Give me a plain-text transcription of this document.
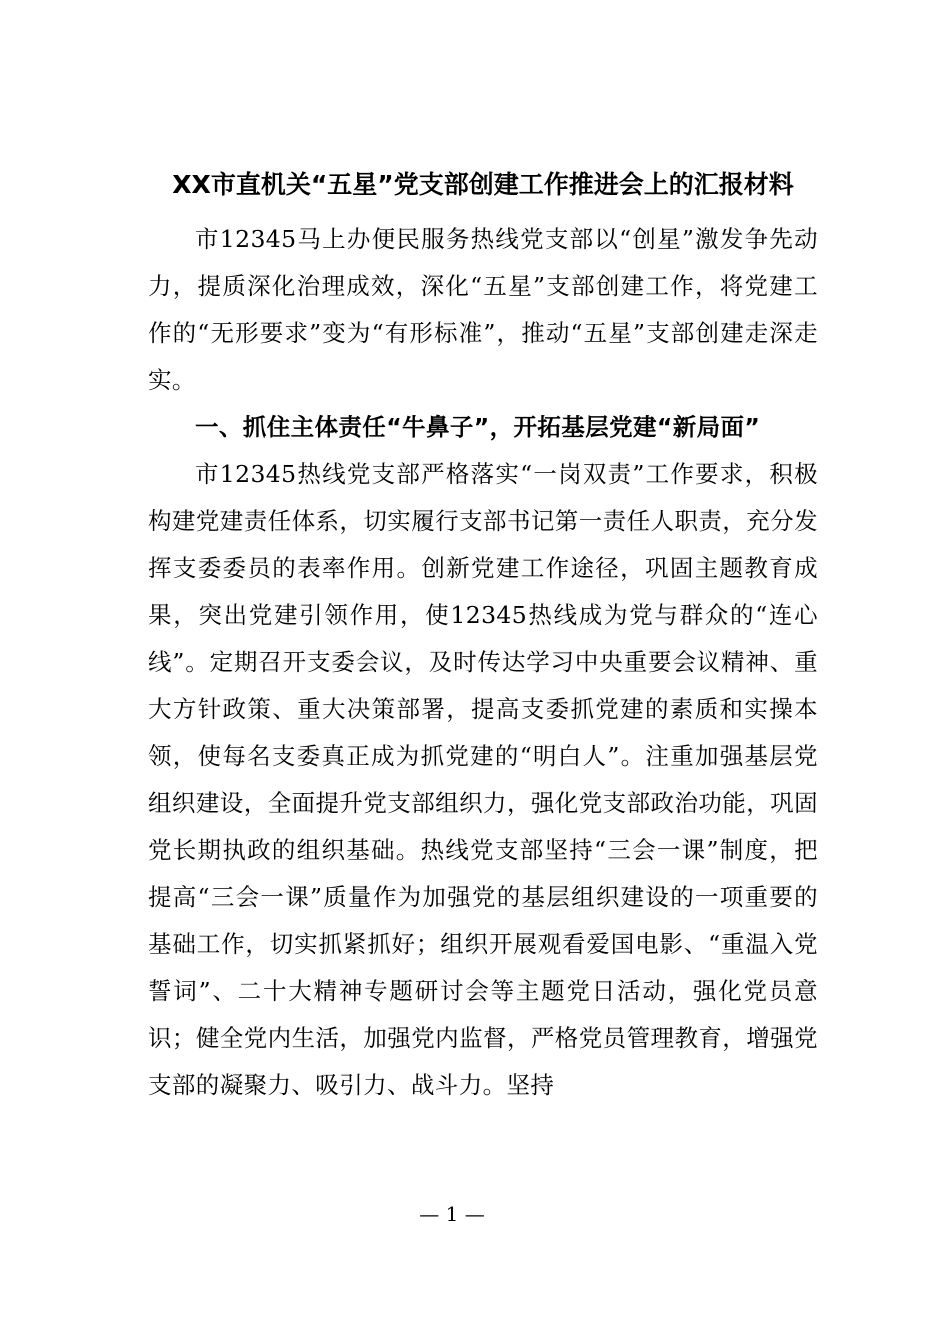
XX市直机关“五星”党支部创建工作推进会上的汇报材料

市12345马上办便民服务热线党支部以“创星”激发争先动力，提质深化治理成效，深化“五星”支部创建工作，将党建工作的“无形要求”变为“有形标准”，推动“五星”支部创建走深走实。

一、抓住主体责任“牛鼻子”，开拓基层党建“新局面”

市12345热线党支部严格落实“一岗双责”工作要求，积极构建党建责任体系，切实履行支部书记第一责任人职责，充分发挥支委委员的表率作用。创新党建工作途径，巩固主题教育成果，突出党建引领作用，使12345热线成为党与群众的“连心线”。定期召开支委会议，及时传达学习中央重要会议精神、重大方针政策、重大决策部署，提高支委抓党建的素质和实操本领，使每名支委真正成为抓党建的“明白人”。注重加强基层党组织建设，全面提升党支部组织力，强化党支部政治功能，巩固党长期执政的组织基础。热线党支部坚持“三会一课”制度，把提高“三会一课”质量作为加强党的基层组织建设的一项重要的基础工作，切实抓紧抓好；组织开展观看爱国电影、“重温入党誓词”、二十大精神专题研讨会等主题党日活动，强化党员意识；健全党内生活，加强党内监督，严格党员管理教育，增强党支部的凝聚力、吸引力、战斗力。坚持

— 1 —
